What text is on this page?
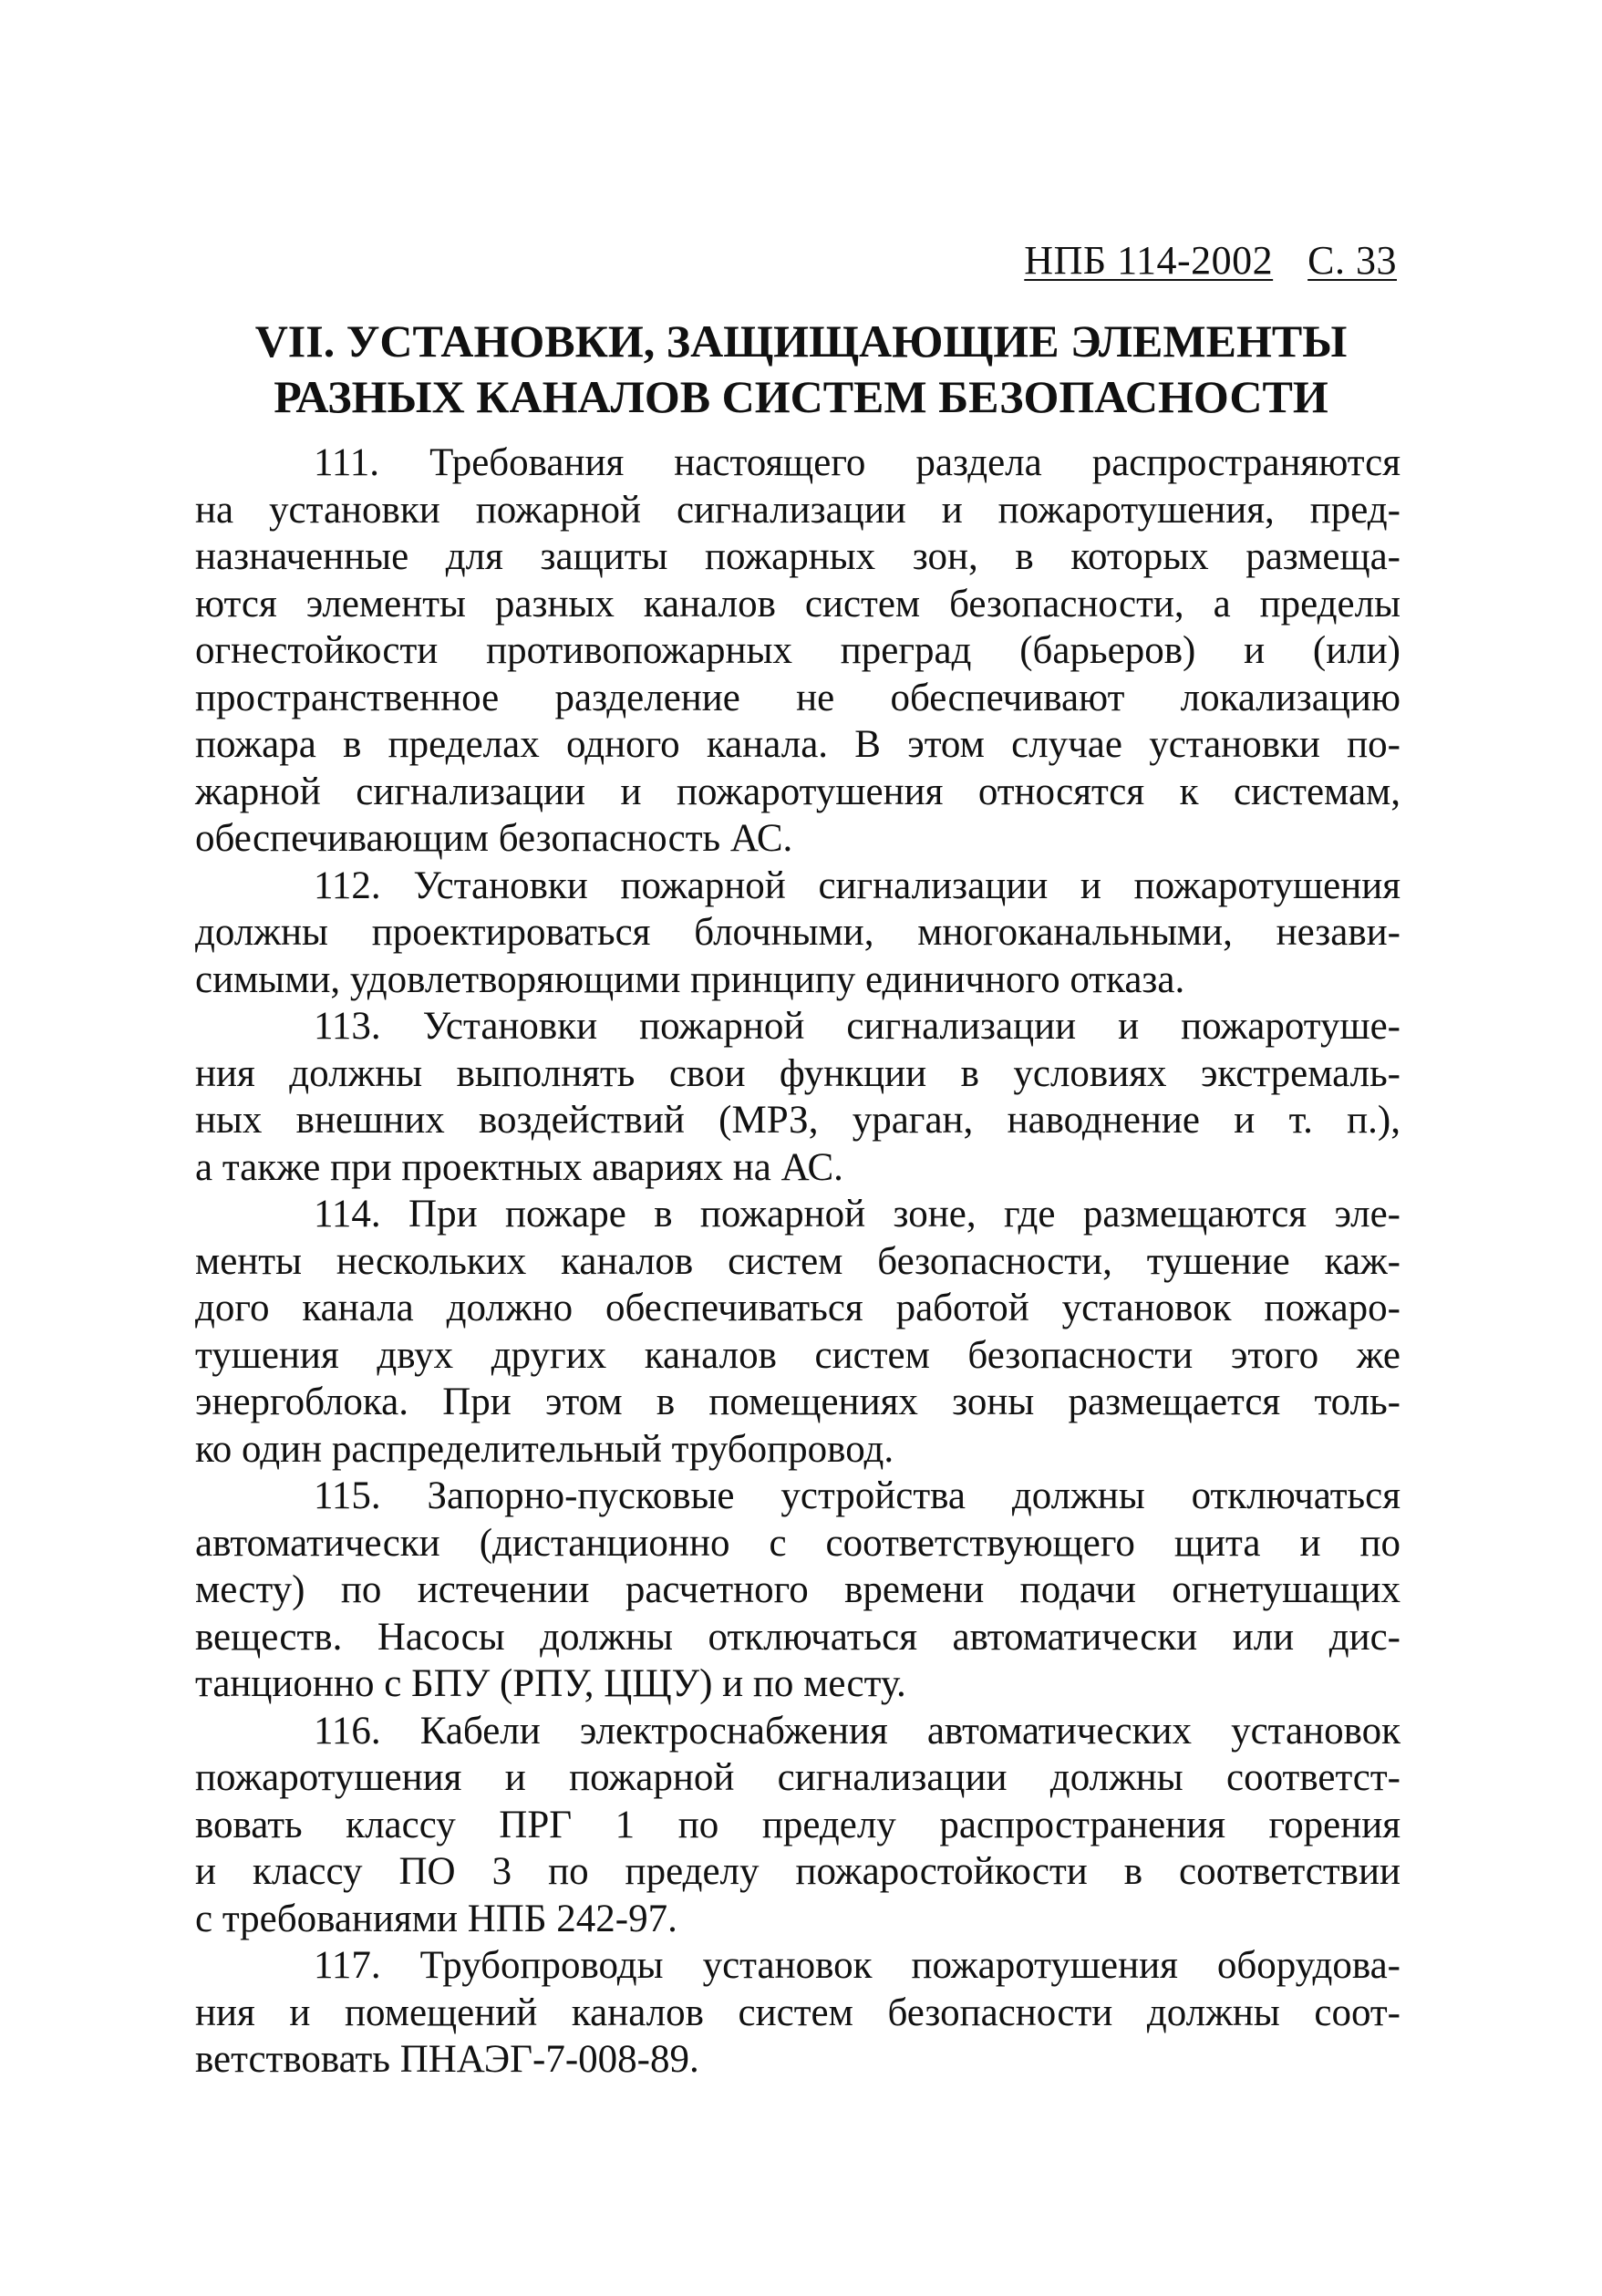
НПБ 114-2002 С. 33
VII. УСТАНОВКИ, ЗАЩИЩАЮЩИЕ ЭЛЕМЕНТЫ
РАЗНЫХ КАНАЛОВ СИСТЕМ БЕЗОПАСНОСТИ
111. Требования настоящего раздела распространяются
на установки пожарной сигнализации и пожаротушения, пред-
назначенные для защиты пожарных зон, в которых размеща-
ются элементы разных каналов систем безопасности, а пределы
огнестойкости противопожарных преград (барьеров) и (или)
пространственное разделение не обеспечивают локализацию
пожара в пределах одного канала. В этом случае установки по-
жарной сигнализации и пожаротушения относятся к системам,
обеспечивающим безопасность АС.
112. Установки пожарной сигнализации и пожаротушения
должны проектироваться блочными, многоканальными, незави-
симыми, удовлетворяющими принципу единичного отказа.
113. Установки пожарной сигнализации и пожаротуше-
ния должны выполнять свои функции в условиях экстремаль-
ных внешних воздействий (МРЗ, ураган, наводнение и т. п.),
а также при проектных авариях на АС.
114. При пожаре в пожарной зоне, где размещаются эле-
менты нескольких каналов систем безопасности, тушение каж-
дого канала должно обеспечиваться работой установок пожаро-
тушения двух других каналов систем безопасности этого же
энергоблока. При этом в помещениях зоны размещается толь-
ко один распределительный трубопровод.
115. Запорно-пусковые устройства должны отключаться
автоматически (дистанционно с соответствующего щита и по
месту) по истечении расчетного времени подачи огнетушащих
веществ. Насосы должны отключаться автоматически или дис-
танционно с БПУ (РПУ, ЦЩУ) и по месту.
116. Кабели электроснабжения автоматических установок
пожаротушения и пожарной сигнализации должны соответст-
вовать классу ПРГ 1 по пределу распространения горения
и классу ПО 3 по пределу пожаростойкости в соответствии
с требованиями НПБ 242-97.
117. Трубопроводы установок пожаротушения оборудова-
ния и помещений каналов систем безопасности должны соот-
ветствовать ПНАЭГ-7-008-89.
